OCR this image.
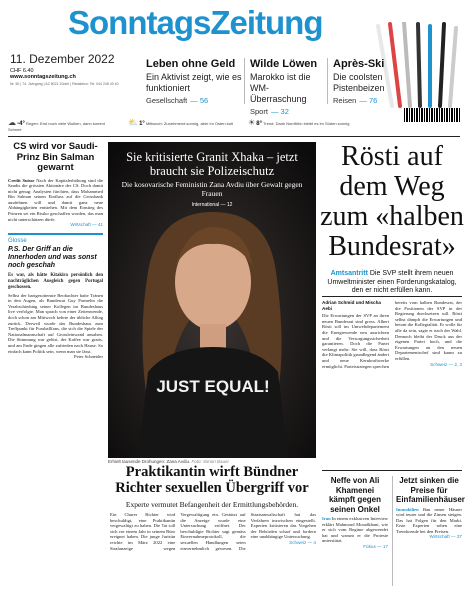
SonntagsZeitung
11. Dezember 2022
CHF 6.40
www.sonntagszeitung.ch
Nr. 50 | 74. Jahrgang | AZ 8021 Zürich | Redaktion: Tel. 044 248 40 40
Leben ohne Geld

Ein Aktivist zeigt, wie es funktioniert

Gesellschaft — 56
Wilde Löwen

Marokko ist die WM-Überraschung

Sport — 32
Après-Ski

Die coolsten Pistenbeizen

Reisen — 76
☁ -4° Regen: Erst noch viele Wolken, dann kommt Schnee
⛅ 1° Mittwoch: Zunehmend sonnig, aber im Osten kalt	☀ 8° Trend: Dank Nordföhn bleibt es im Süden sonnig
CS wird vor Saudi-Prinz Bin Salman gewarnt
Credit Suisse Nach der Kapitalerhöhung sind die Saudis die grössten Aktionäre der CS. Doch damit nicht genug: Analysten fürchten, dass Mohammed Bin Salman seinen Einfluss auf die Grossbank ausdehnen will und damit ganz neue Abhängigkeiten entstehen. Mit dem Einstieg des Prinzen sei ein Risiko geschaffen worden, das man nicht unterschätzen dürfe.
Wirtschaft — 41
Glosse
P.S. Der Griff an die Innerhoden und was sonst noch geschah
Es war, als hätte Kitakira persönlich den nachträglichen Ausgleich gegen Portugal geschossen.
Selbst der hartgesottenste Beobachter hatte Tränen in den Augen, als Bundesrat Guy Parmelin die Verabschiedung seiner Kollegen im Bundeshaus live verfolgte. Man sprach von einer Zeitenwende, doch schon am Mittwoch kehrte der übliche Alltag zurück. Derweil wurde das Bundeshaus zum Treffpunkt für Fussballfans, die sich die Spiele der Nationalmannschaft auf Grossleinwand ansahen. Die Stimmung war gelöst, der Kaffee war gratis, und am Ende gingen alle zufrieden nach Hause. So einfach kann Politik sein, wenn man sie lässt.
Peter Schneider
JUST EQUAL!
Sie kritisierte Granit Xhaka – jetzt braucht sie Polizeischutz
Die kosovarische Feministin Zana Avdiu über Gewalt gegen Frauen
International — 12
Erhielt tausende Drohungen: Zana Avdiu. Foto: Simon Bauer
Praktikantin wirft Bündner Richter sexuellen Übergriff vor
Experte vermutet Befangenheit der Ermittlungsbehörden.
Ein Churer Richter wird beschuldigt, eine Praktikantin vergewaltigt zu haben. Die Tat soll sich vor einem Jahr in seinem Büro ereignet haben. Die junge Juristin reichte im März 2022 eine Strafanzeige wegen Vergewaltigung ein. Gestützt auf die Anzeige wurde eine Untersuchung eröffnet. Der beschuldigte Richter sagt gemäss Einvernahmeprotokoll, die sexuellen Handlungen seien einvernehmlich gewesen. Die Staatsanwaltschaft hat das Verfahren inzwischen eingestellt. Experten kritisieren das Vorgehen der Behörden scharf und fordern eine unabhängige Untersuchung.
Schweiz — 4
Rösti auf dem Weg zum «halben Bundesrat»
Amtsantritt Die SVP stellt ihrem neuen Umweltminister einen Forderungskatalog, den er nicht erfüllen kann.
Adrian Schmid und Mischa Aebi
Die Erwartungen der SVP an ihren neuen Bundesrat sind gross. Albert Rösti soll im Umweltdepartement die Energiewende neu ausrichten und die Versorgungssicherheit garantieren. Doch die Partei verlangt mehr: Sie will, dass Rösti die Klimapolitik grundlegend ändert und neue Kernkraftwerke ermöglicht. Parteistrategen sprechen bereits vom halben Bundesrat, der die Positionen der SVP in der Regierung durchsetzen soll. Rösti selbst dämpft die Erwartungen und betont die Kollegialität. Er wolle für alle da sein, sagte er nach der Wahl. Dennoch bleibt der Druck aus der eigenen Partei hoch, und die Erwartungen an den neuen Departementschef sind kaum zu erfüllen.
Schweiz — 2, 3
Neffe von Ali Khamenei kämpft gegen seinen Onkel
Iran In einem exklusiven Interview erklärt Mahmoud Moradkhani, wie er sich vom Regime abgewendet hat und warum er die Proteste unterstützt.
Fokus — 17
Jetzt sinken die Preise für Einfamilienhäuser
Immobilien Bau neuer Häuser wird teurer und die Zinsen steigen. Das hat Folgen für den Markt. Erste Experten sehen eine Trendwende bei den Preisen.
Wirtschaft — 37
